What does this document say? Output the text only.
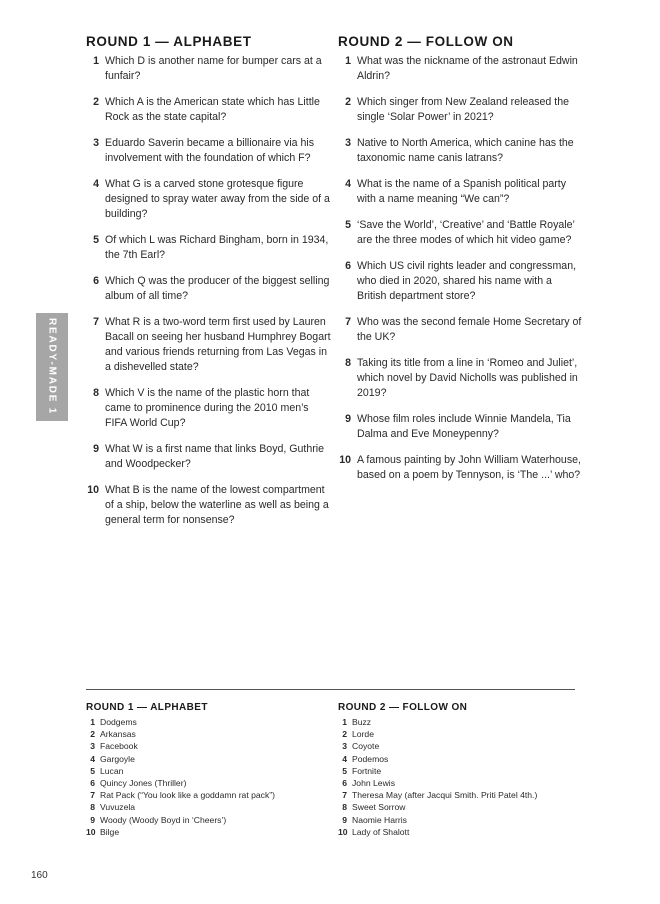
ROUND 1 — ALPHABET
1 Which D is another name for bumper cars at a funfair?
2 Which A is the American state which has Little Rock as the state capital?
3 Eduardo Saverin became a billionaire via his involvement with the foundation of which F?
4 What G is a carved stone grotesque figure designed to spray water away from the side of a building?
5 Of which L was Richard Bingham, born in 1934, the 7th Earl?
6 Which Q was the producer of the biggest selling album of all time?
7 What R is a two-word term first used by Lauren Bacall on seeing her husband Humphrey Bogart and various friends returning from Las Vegas in a dishevelled state?
8 Which V is the name of the plastic horn that came to prominence during the 2010 men’s FIFA World Cup?
9 What W is a first name that links Boyd, Guthrie and Woodpecker?
10 What B is the name of the lowest compartment of a ship, below the waterline as well as being a general term for nonsense?
ROUND 2 — FOLLOW ON
1 What was the nickname of the astronaut Edwin Aldrin?
2 Which singer from New Zealand released the single ‘Solar Power’ in 2021?
3 Native to North America, which canine has the taxonomic name canis latrans?
4 What is the name of a Spanish political party with a name meaning “We can”?
5 ‘Save the World’, ‘Creative’ and ‘Battle Royale’ are the three modes of which hit video game?
6 Which US civil rights leader and congressman, who died in 2020, shared his name with a British department store?
7 Who was the second female Home Secretary of the UK?
8 Taking its title from a line in ‘Romeo and Juliet’, which novel by David Nicholls was published in 2019?
9 Whose film roles include Winnie Mandela, Tia Dalma and Eve Moneypenny?
10 A famous painting by John William Waterhouse, based on a poem by Tennyson, is ‘The ...’ who?
READY-MADE 1
ROUND 1 — ALPHABET
1 Dodgems
2 Arkansas
3 Facebook
4 Gargoyle
5 Lucan
6 Quincy Jones (Thriller)
7 Rat Pack (“You look like a goddamn rat pack”)
8 Vuvuzela
9 Woody (Woody Boyd in ‘Cheers’)
10 Bilge
ROUND 2 — FOLLOW ON
1 Buzz
2 Lorde
3 Coyote
4 Podemos
5 Fortnite
6 John Lewis
7 Theresa May (after Jacqui Smith. Priti Patel 4th.)
8 Sweet Sorrow
9 Naomie Harris
10 Lady of Shalott
160
